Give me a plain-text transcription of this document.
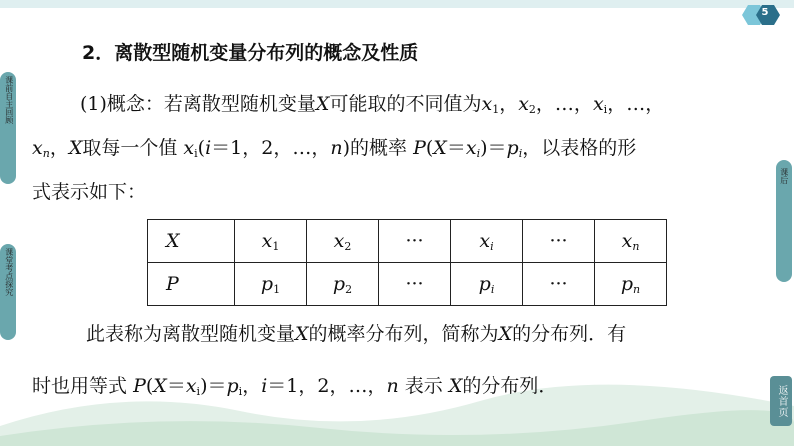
5
课前自主回顾
课堂考点探究
课后
返首页
2．离散型随机变量分布列的概念及性质
(1)概念：若离散型随机变量X可能取的不同值为$x_1$，$x_2$，…，$x_i$，…，
$x_n$，X取每一个值 $x_i(i=1$，2，…，n)的概率 $P(X=x_i)=p_i$，以表格的形
式表示如下：
X	$x_1$	$x_2$	···	$x_i$	···	$x_n$
P	$p_1$	$p_2$	···	$p_i$	···	$p_n$
此表称为离散型随机变量X的概率分布列，简称为X的分布列．有
时也用等式 $P(X=x_i)=p_i$，i＝1，2，…，n 表示 X的分布列．
